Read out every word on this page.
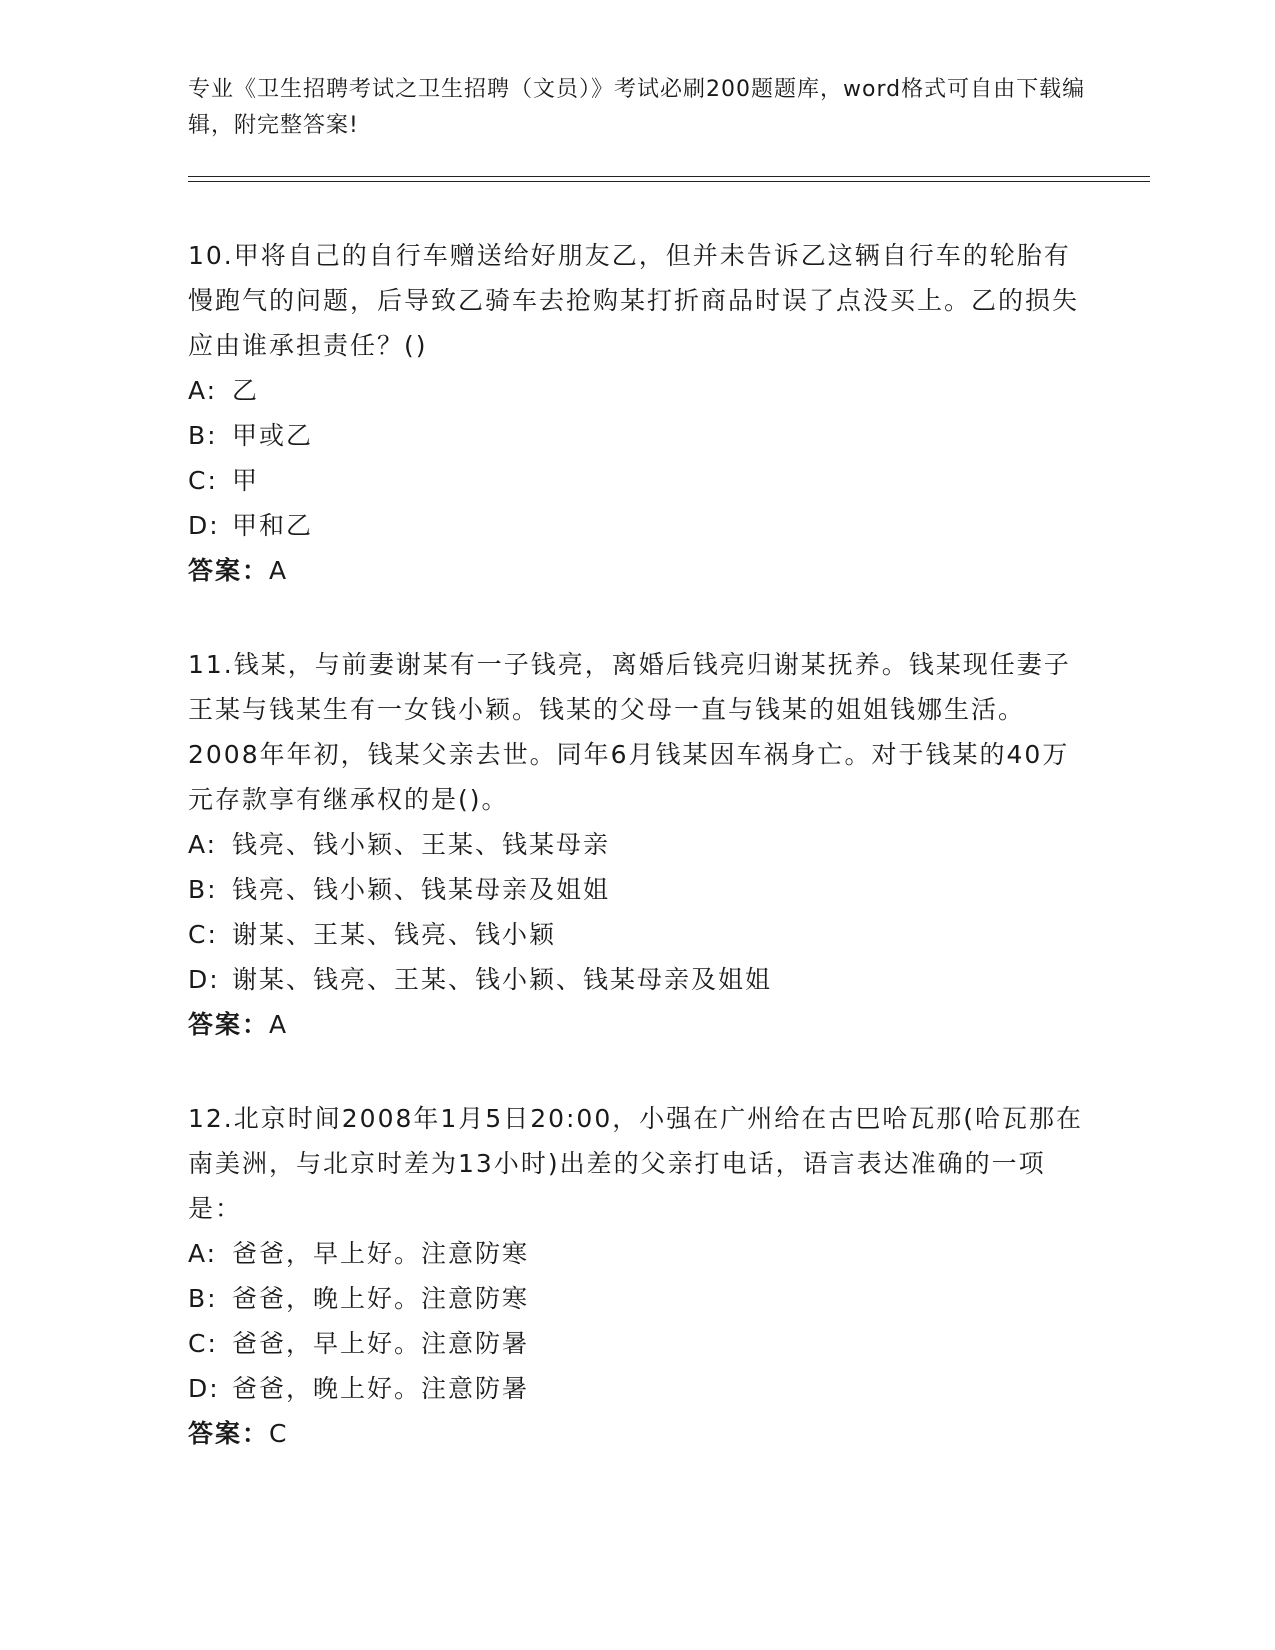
专业《卫生招聘考试之卫生招聘（文员）》考试必刷200题题库，word格式可自由下载编辑，附完整答案!

10.甲将自己的自行车赠送给好朋友乙，但并未告诉乙这辆自行车的轮胎有慢跑气的问题，后导致乙骑车去抢购某打折商品时误了点没买上。乙的损失应由谁承担责任？()

A: 乙

B: 甲或乙

C: 甲

D: 甲和乙

答案：A

11.钱某，与前妻谢某有一子钱亮，离婚后钱亮归谢某抚养。钱某现任妻子王某与钱某生有一女钱小颖。钱某的父母一直与钱某的姐姐钱娜生活。2008年年初，钱某父亲去世。同年6月钱某因车祸身亡。对于钱某的40万元存款享有继承权的是()。

A: 钱亮、钱小颖、王某、钱某母亲

B: 钱亮、钱小颖、钱某母亲及姐姐

C: 谢某、王某、钱亮、钱小颖

D: 谢某、钱亮、王某、钱小颖、钱某母亲及姐姐

答案：A

12.北京时间2008年1月5日20:00，小强在广州给在古巴哈瓦那(哈瓦那在南美洲，与北京时差为13小时)出差的父亲打电话，语言表达准确的一项是：

A: 爸爸，早上好。注意防寒

B: 爸爸，晚上好。注意防寒

C: 爸爸，早上好。注意防暑

D: 爸爸，晚上好。注意防暑

答案：C
